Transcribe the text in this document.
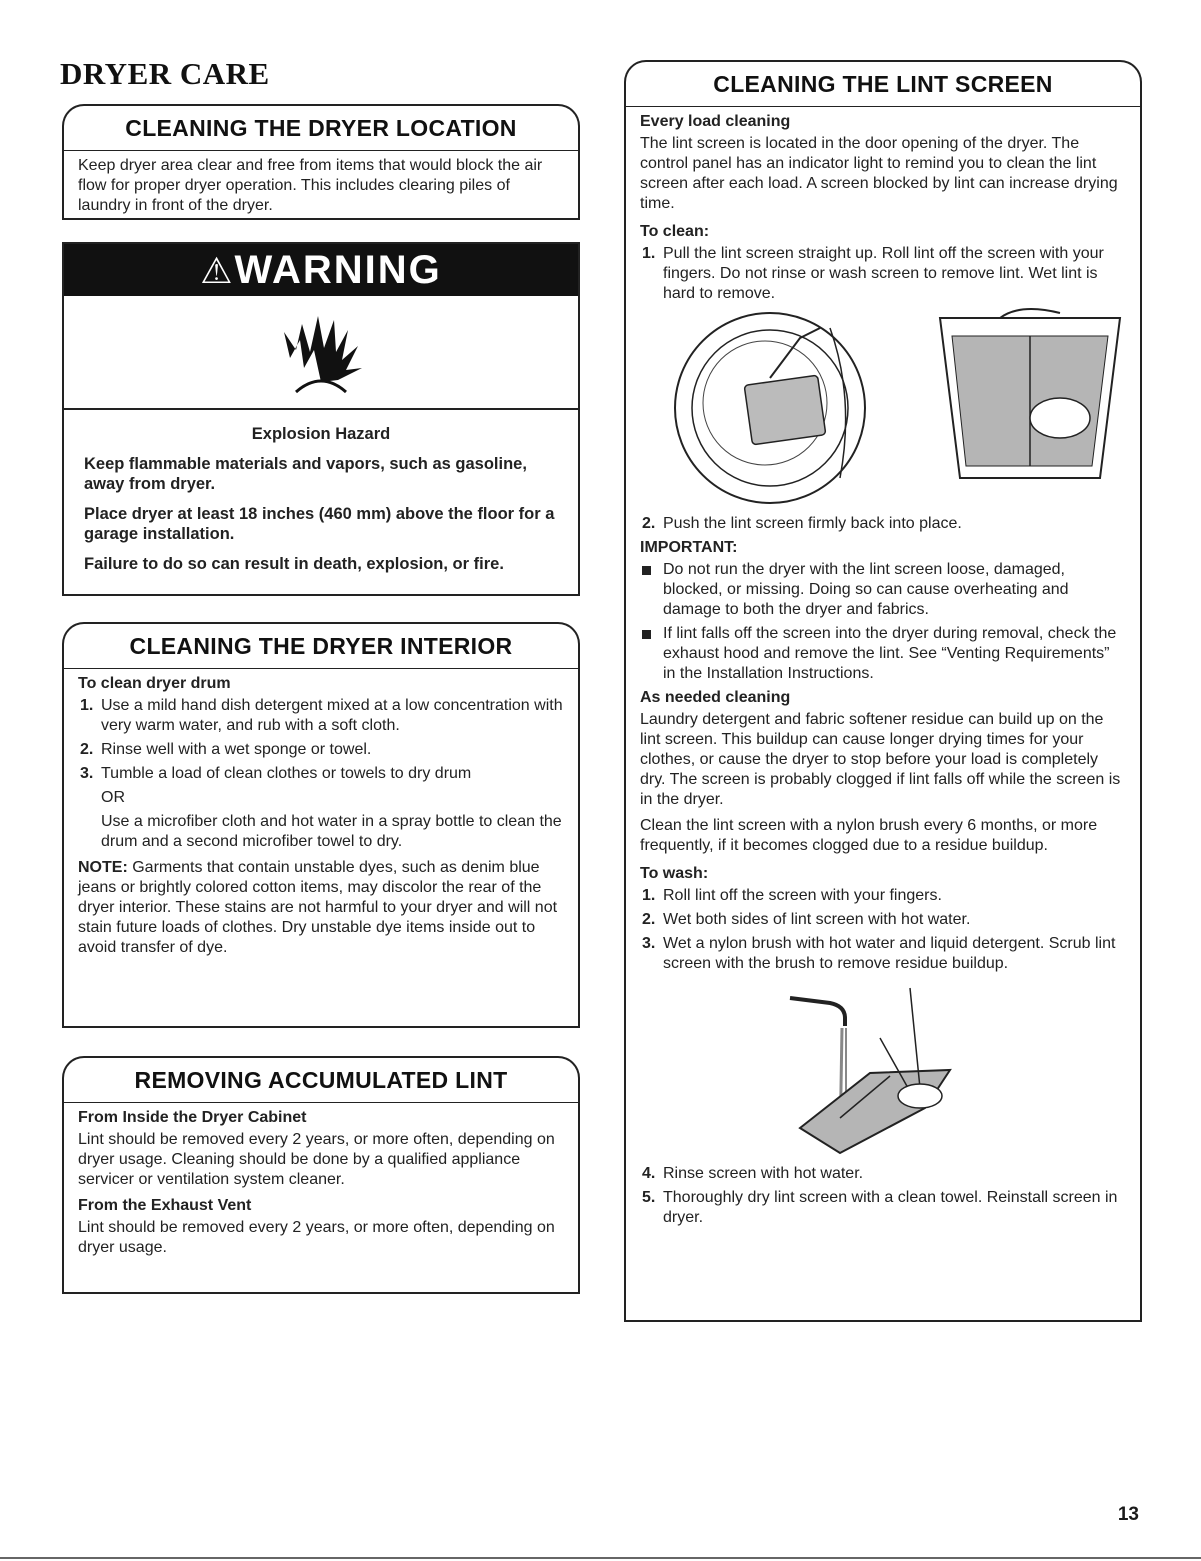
DRYER CARE
CLEANING THE DRYER LOCATION

Keep dryer area clear and free from items that would block the air flow for proper dryer operation. This includes clearing piles of laundry in front of the dryer.

⚠WARNING

Explosion Hazard

Keep flammable materials and vapors, such as gasoline, away from dryer.

Place dryer at least 18 inches (460 mm) above the floor for a garage installation.

Failure to do so can result in death, explosion, or fire.

CLEANING THE DRYER INTERIOR

To clean dryer drum

1. Use a mild hand dish detergent mixed at a low concentration with very warm water, and rub with a soft cloth.
2. Rinse well with a wet sponge or towel.
3. Tumble a load of clean clothes or towels to dry drum

OR

Use a microfiber cloth and hot water in a spray bottle to clean the drum and a second microfiber towel to dry.

NOTE: Garments that contain unstable dyes, such as denim blue jeans or brightly colored cotton items, may discolor the rear of the dryer interior. These stains are not harmful to your dryer and will not stain future loads of clothes. Dry unstable dye items inside out to avoid transfer of dye.

REMOVING ACCUMULATED LINT

From Inside the Dryer Cabinet

Lint should be removed every 2 years, or more often, depending on dryer usage. Cleaning should be done by a qualified appliance servicer or ventilation system cleaner.

From the Exhaust Vent

Lint should be removed every 2 years, or more often, depending on dryer usage.

CLEANING THE LINT SCREEN

Every load cleaning

The lint screen is located in the door opening of the dryer. The control panel has an indicator light to remind you to clean the lint screen after each load. A screen blocked by lint can increase drying time.

To clean:

1. Pull the lint screen straight up. Roll lint off the screen with your fingers. Do not rinse or wash screen to remove lint. Wet lint is hard to remove.
2. Push the lint screen firmly back into place.

IMPORTANT:

Do not run the dryer with the lint screen loose, damaged, blocked, or missing. Doing so can cause overheating and damage to both the dryer and fabrics.
If lint falls off the screen into the dryer during removal, check the exhaust hood and remove the lint. See “Venting Requirements” in the Installation Instructions.

As needed cleaning

Laundry detergent and fabric softener residue can build up on the lint screen. This buildup can cause longer drying times for your clothes, or cause the dryer to stop before your load is completely dry. The screen is probably clogged if lint falls off while the screen is in the dryer.

Clean the lint screen with a nylon brush every 6 months, or more frequently, if it becomes clogged due to a residue buildup.

To wash:

1. Roll lint off the screen with your fingers.
2. Wet both sides of lint screen with hot water.
3. Wet a nylon brush with hot water and liquid detergent. Scrub lint screen with the brush to remove residue buildup.
4. Rinse screen with hot water.
5. Thoroughly dry lint screen with a clean towel. Reinstall screen in dryer.
13
